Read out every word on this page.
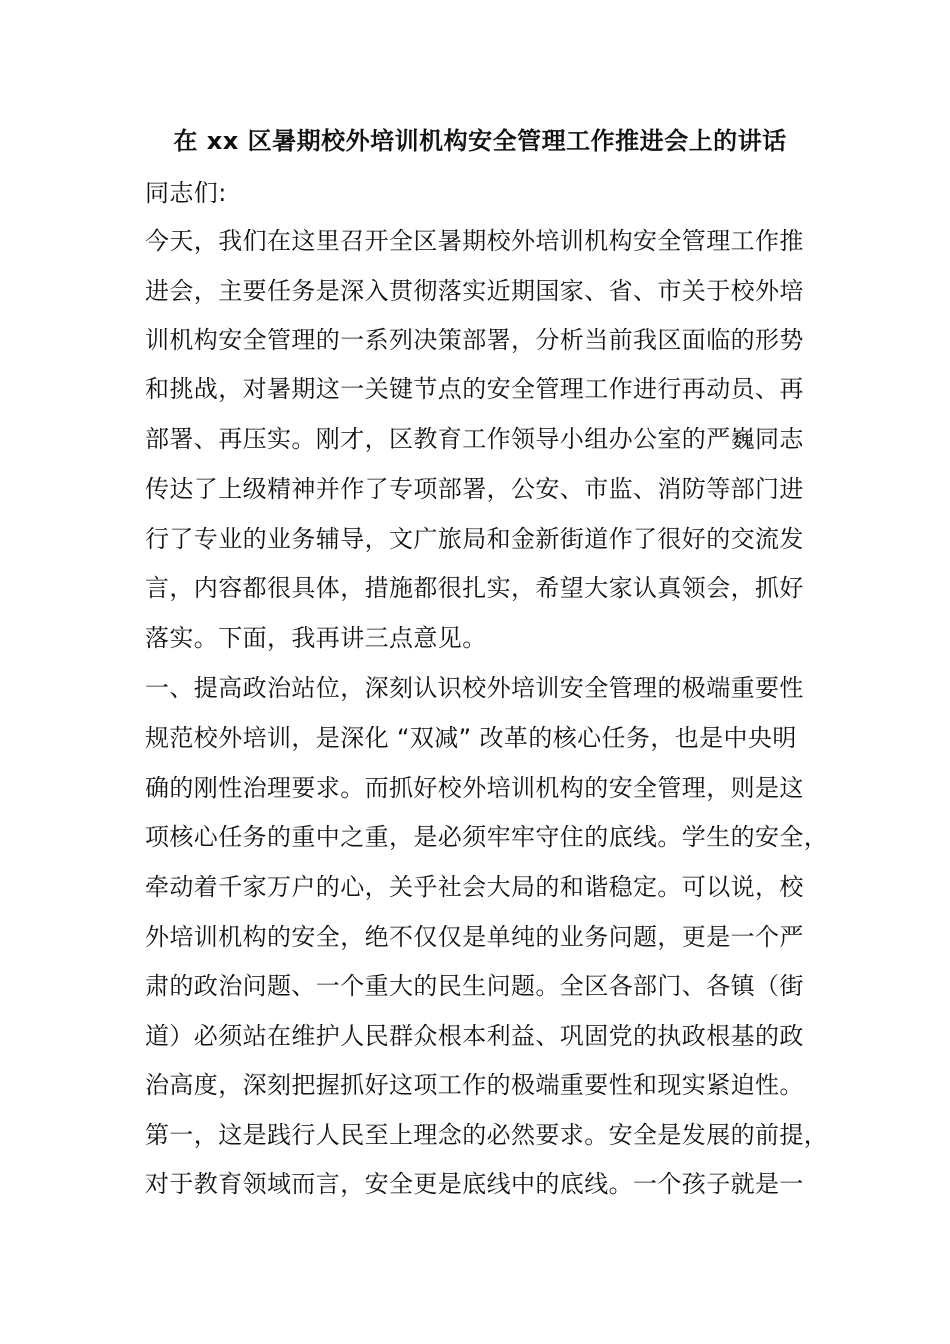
在 xx 区暑期校外培训机构安全管理工作推进会上的讲话
同志们:
今天，我们在这里召开全区暑期校外培训机构安全管理工作推
进会，主要任务是深入贯彻落实近期国家、省、市关于校外培
训机构安全管理的一系列决策部署，分析当前我区面临的形势
和挑战，对暑期这一关键节点的安全管理工作进行再动员、再
部署、再压实。刚才，区教育工作领导小组办公室的严巍同志
传达了上级精神并作了专项部署，公安、市监、消防等部门进
行了专业的业务辅导，文广旅局和金新街道作了很好的交流发
言，内容都很具体，措施都很扎实，希望大家认真领会，抓好
落实。下面，我再讲三点意见。
一、提高政治站位，深刻认识校外培训安全管理的极端重要性
规范校外培训，是深化 “双减” 改革的核心任务，也是中央明
确的刚性治理要求。而抓好校外培训机构的安全管理，则是这
项核心任务的重中之重，是必须牢牢守住的底线。学生的安全，
牵动着千家万户的心，关乎社会大局的和谐稳定。可以说，校
外培训机构的安全，绝不仅仅是单纯的业务问题，更是一个严
肃的政治问题、一个重大的民生问题。全区各部门、各镇（街
道）必须站在维护人民群众根本利益、巩固党的执政根基的政
治高度，深刻把握抓好这项工作的极端重要性和现实紧迫性。
第一，这是践行人民至上理念的必然要求。安全是发展的前提，
对于教育领域而言，安全更是底线中的底线。一个孩子就是一
